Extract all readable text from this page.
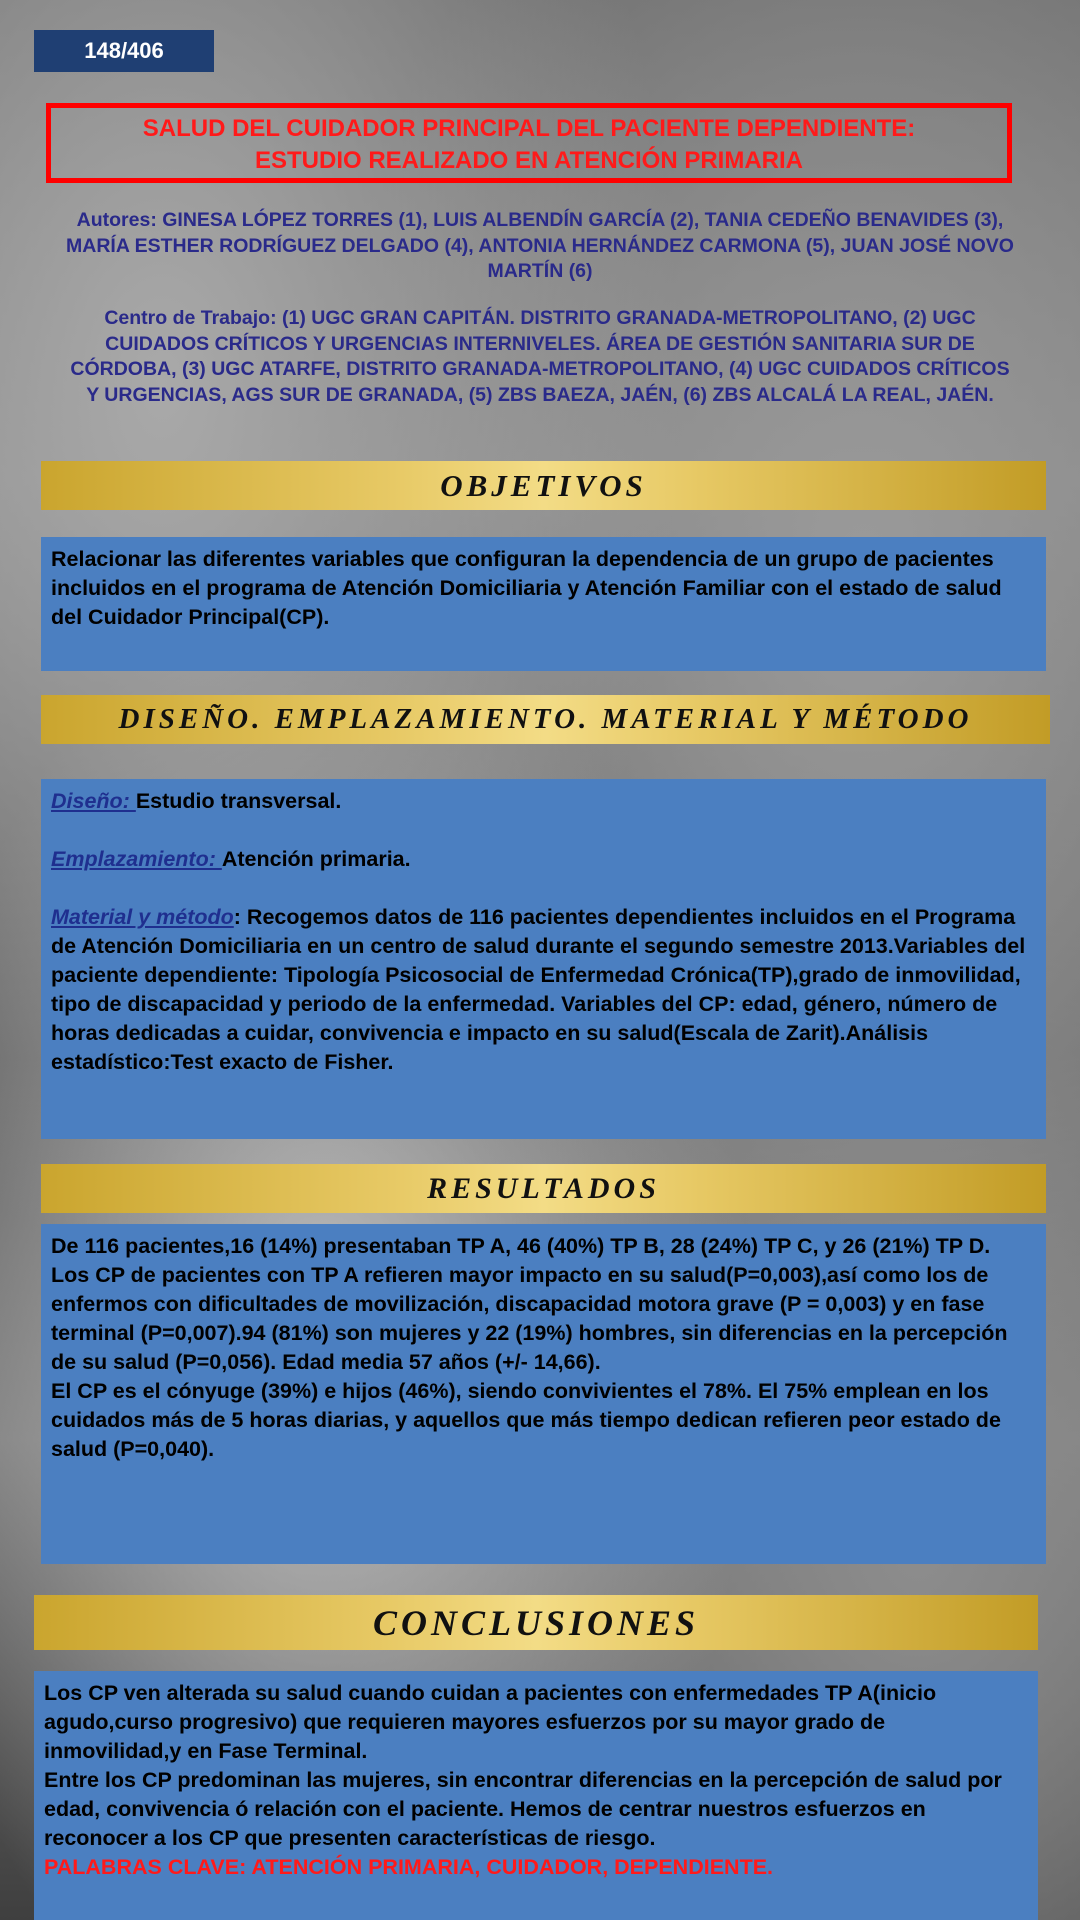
148/406
SALUD DEL CUIDADOR PRINCIPAL DEL PACIENTE DEPENDIENTE:
ESTUDIO REALIZADO EN ATENCIÓN PRIMARIA
Autores: GINESA LÓPEZ TORRES (1), LUIS ALBENDÍN GARCÍA (2), TANIA CEDEÑO BENAVIDES (3), MARÍA ESTHER RODRÍGUEZ DELGADO (4), ANTONIA HERNÁNDEZ CARMONA (5), JUAN JOSÉ NOVO MARTÍN (6)
Centro de Trabajo: (1) UGC GRAN CAPITÁN. DISTRITO GRANADA-METROPOLITANO, (2) UGC CUIDADOS CRÍTICOS Y URGENCIAS INTERNIVELES. ÁREA DE GESTIÓN SANITARIA SUR DE CÓRDOBA, (3) UGC ATARFE, DISTRITO GRANADA-METROPOLITANO, (4) UGC CUIDADOS CRÍTICOS Y URGENCIAS, AGS SUR DE GRANADA, (5) ZBS BAEZA, JAÉN, (6) ZBS ALCALÁ LA REAL, JAÉN.
OBJETIVOS

Relacionar las diferentes variables que configuran la dependencia de un grupo de pacientes incluidos en el programa de Atención Domiciliaria y Atención Familiar con el estado de salud del Cuidador Principal(CP).

DISEÑO. EMPLAZAMIENTO. MATERIAL Y MÉTODO

Diseño: Estudio transversal.

Emplazamiento: Atención primaria.

Material y método: Recogemos datos de 116 pacientes dependientes incluidos en el Programa de Atención Domiciliaria en un centro de salud durante el segundo semestre 2013.Variables del paciente dependiente: Tipología Psicosocial de Enfermedad Crónica(TP),grado de inmovilidad, tipo de discapacidad y periodo de la enfermedad. Variables del CP: edad, género, número de horas dedicadas a cuidar, convivencia e impacto en su salud(Escala de Zarit).Análisis estadístico:Test exacto de Fisher.

RESULTADOS

De 116 pacientes,16 (14%) presentaban TP A, 46 (40%) TP B, 28 (24%) TP C, y 26 (21%) TP D.

Los CP de pacientes con TP A refieren mayor impacto en su salud(P=0,003),así como los de enfermos con dificultades de movilización, discapacidad motora grave (P = 0,003) y en fase terminal (P=0,007).94 (81%) son mujeres y 22 (19%) hombres, sin diferencias en la percepción de su salud (P=0,056). Edad media 57 años (+/- 14,66).

El CP es el cónyuge (39%) e hijos (46%), siendo convivientes el 78%. El 75% emplean en los cuidados más de 5 horas diarias, y aquellos que más tiempo dedican refieren peor estado de salud (P=0,040).

CONCLUSIONES

Los CP ven alterada su salud cuando cuidan a pacientes con enfermedades TP A(inicio agudo,curso progresivo) que requieren mayores esfuerzos por su mayor grado de inmovilidad,y en Fase Terminal.

Entre los CP predominan las mujeres, sin encontrar diferencias en la percepción de salud por edad, convivencia ó relación con el paciente. Hemos de centrar nuestros esfuerzos en reconocer a los CP que presenten características de riesgo.

PALABRAS CLAVE: ATENCIÓN PRIMARIA, CUIDADOR, DEPENDIENTE.
